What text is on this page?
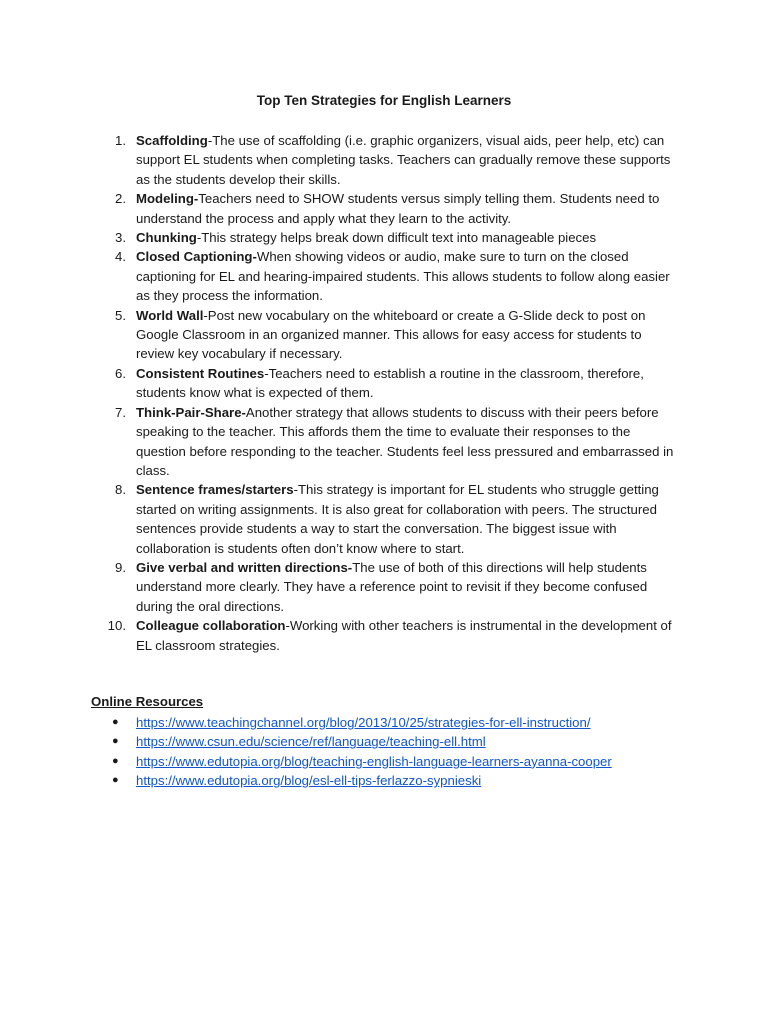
Top Ten Strategies for English Learners
1. Scaffolding-The use of scaffolding (i.e. graphic organizers, visual aids, peer help, etc) can support EL students when completing tasks. Teachers can gradually remove these supports as the students develop their skills.
2. Modeling-Teachers need to SHOW students versus simply telling them. Students need to understand the process and apply what they learn to the activity.
3. Chunking-This strategy helps break down difficult text into manageable pieces
4. Closed Captioning-When showing videos or audio, make sure to turn on the closed captioning for EL and hearing-impaired students. This allows students to follow along easier as they process the information.
5. World Wall-Post new vocabulary on the whiteboard or create a G-Slide deck to post on Google Classroom in an organized manner. This allows for easy access for students to review key vocabulary if necessary.
6. Consistent Routines-Teachers need to establish a routine in the classroom, therefore, students know what is expected of them.
7. Think-Pair-Share-Another strategy that allows students to discuss with their peers before speaking to the teacher. This affords them the time to evaluate their responses to the question before responding to the teacher. Students feel less pressured and embarrassed in class.
8. Sentence frames/starters-This strategy is important for EL students who struggle getting started on writing assignments. It is also great for collaboration with peers. The structured sentences provide students a way to start the conversation. The biggest issue with collaboration is students often don’t know where to start.
9. Give verbal and written directions-The use of both of this directions will help students understand more clearly. They have a reference point to revisit if they become confused during the oral directions.
10. Colleague collaboration-Working with other teachers is instrumental in the development of EL classroom strategies.
Online Resources
● https://www.teachingchannel.org/blog/2013/10/25/strategies-for-ell-instruction/
● https://www.csun.edu/science/ref/language/teaching-ell.html
● https://www.edutopia.org/blog/teaching-english-language-learners-ayanna-cooper
● https://www.edutopia.org/blog/esl-ell-tips-ferlazzo-sypnieski
